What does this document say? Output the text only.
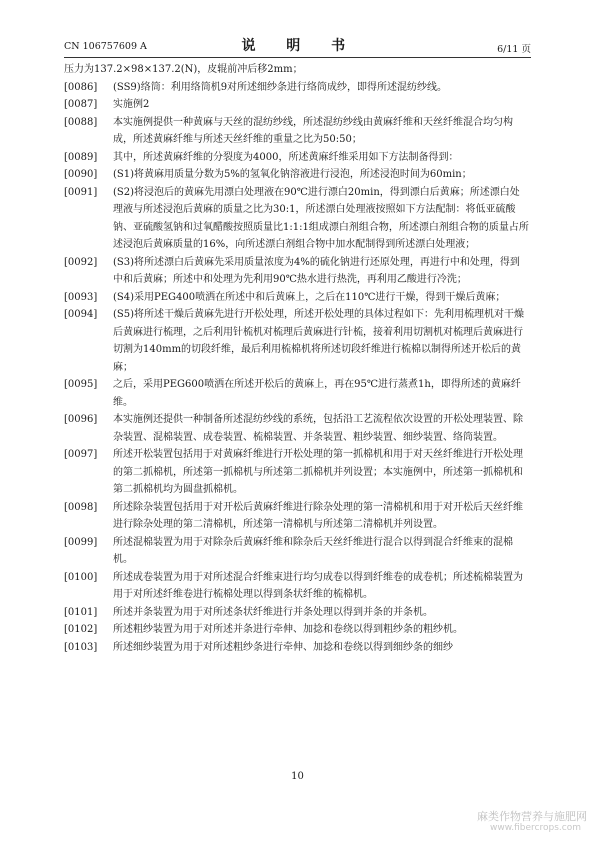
CN 106757609 A	说　明　书	6/11 页

压力为137.2×98×137.2(N)，皮辊前冲后移2mm；

[0086] (SS9)络筒：利用络筒机9对所述细纱条进行络筒成纱，即得所述混纺纱线。
[0087] 实施例2
[0088] 本实施例提供一种黄麻与天丝的混纺纱线，所述混纺纱线由黄麻纤维和天丝纤维混合均匀构成，所述黄麻纤维与所述天丝纤维的重量之比为50:50；
[0089] 其中，所述黄麻纤维的分裂度为4000，所述黄麻纤维采用如下方法制备得到：
[0090] (S1)将黄麻用质量分数为5%的氢氧化钠溶液进行浸泡，所述浸泡时间为60min；
[0091] (S2)将浸泡后的黄麻先用漂白处理液在90℃进行漂白20min，得到漂白后黄麻；所述漂白处理液与所述浸泡后黄麻的质量之比为30:1，所述漂白处理液按照如下方法配制：将低亚硫酸钠、亚硫酸氢钠和过氧醋酸按照质量比1:1:1组成漂白剂组合物，所述漂白剂组合物的质量占所述浸泡后黄麻质量的16%，向所述漂白剂组合物中加水配制得到所述漂白处理液；
[0092] (S3)将所述漂白后黄麻先采用质量浓度为4%的硫化钠进行还原处理，再进行中和处理，得到中和后黄麻；所述中和处理为先利用90℃热水进行热洗，再利用乙酸进行冷洗；
[0093] (S4)采用PEG400喷洒在所述中和后黄麻上，之后在110℃进行干燥，得到干燥后黄麻；
[0094] (S5)将所述干燥后黄麻先进行开松处理，所述开松处理的具体过程如下：先利用梳理机对干燥后黄麻进行梳理，之后利用针梳机对梳理后黄麻进行针梳，接着利用切割机对梳理后黄麻进行切割为140mm的切段纤维，最后利用梳棉机将所述切段纤维进行梳棉以制得所述开松后的黄麻；
[0095] 之后，采用PEG600喷洒在所述开松后的黄麻上，再在95℃进行蒸煮1h，即得所述的黄麻纤维。
[0096] 本实施例还提供一种制备所述混纺纱线的系统，包括沿工艺流程依次设置的开松处理装置、除杂装置、混棉装置、成卷装置、梳棉装置、并条装置、粗纱装置、细纱装置、络筒装置。
[0097] 所述开松装置包括用于对黄麻纤维进行开松处理的第一抓棉机和用于对天丝纤维进行开松处理的第二抓棉机，所述第一抓棉机与所述第二抓棉机并列设置；本实施例中，所述第一抓棉机和第二抓棉机均为圆盘抓棉机。
[0098] 所述除杂装置包括用于对开松后黄麻纤维进行除杂处理的第一清棉机和用于对开松后天丝纤维进行除杂处理的第二清棉机，所述第一清棉机与所述第二清棉机并列设置。
[0099] 所述混棉装置为用于对除杂后黄麻纤维和除杂后天丝纤维进行混合以得到混合纤维束的混棉机。
[0100] 所述成卷装置为用于对所述混合纤维束进行均匀成卷以得到纤维卷的成卷机；所述梳棉装置为用于对所述纤维卷进行梳棉处理以得到条状纤维的梳棉机。
[0101] 所述并条装置为用于对所述条状纤维进行并条处理以得到并条的并条机。
[0102] 所述粗纱装置为用于对所述并条进行牵伸、加捻和卷绕以得到粗纱条的粗纱机。
[0103] 所述细纱装置为用于对所述粗纱条进行牵伸、加捻和卷绕以得到细纱条的细纱
10
麻类作物营养与施肥网
www.fibercrops.com
